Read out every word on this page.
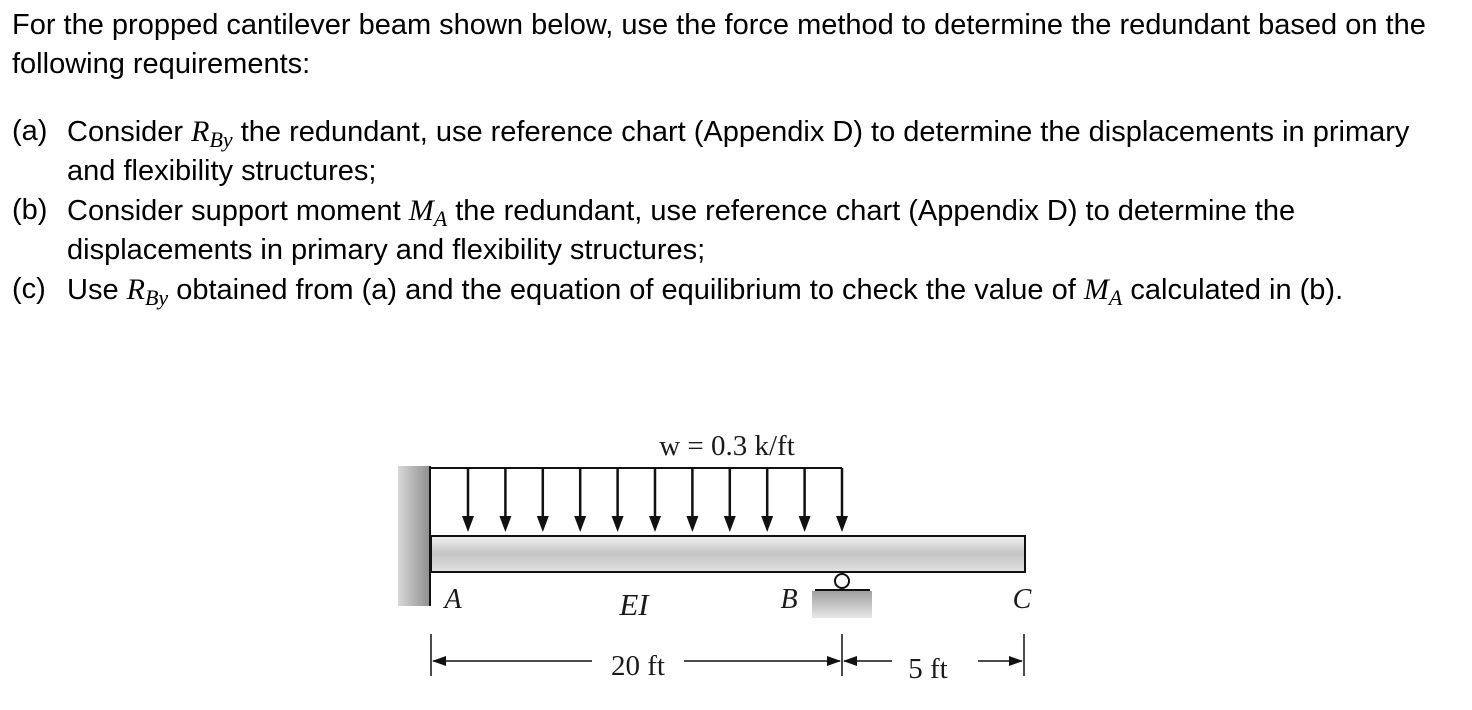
For the propped cantilever beam shown below, use the force method to determine the redundant based on the following requirements:

(a) Consider $R_{By}$ the redundant, use reference chart (Appendix D) to determine the displacements in primary and flexibility structures;

(b) Consider support moment $M_A$ the redundant, use reference chart (Appendix D) to determine the displacements in primary and flexibility structures;

(c) Use $R_{By}$ obtained from (a) and the equation of equilibrium to check the value of $M_A$ calculated in (b).

w = 0.3 k/ft
A	EI	B	C
20 ft	5 ft
